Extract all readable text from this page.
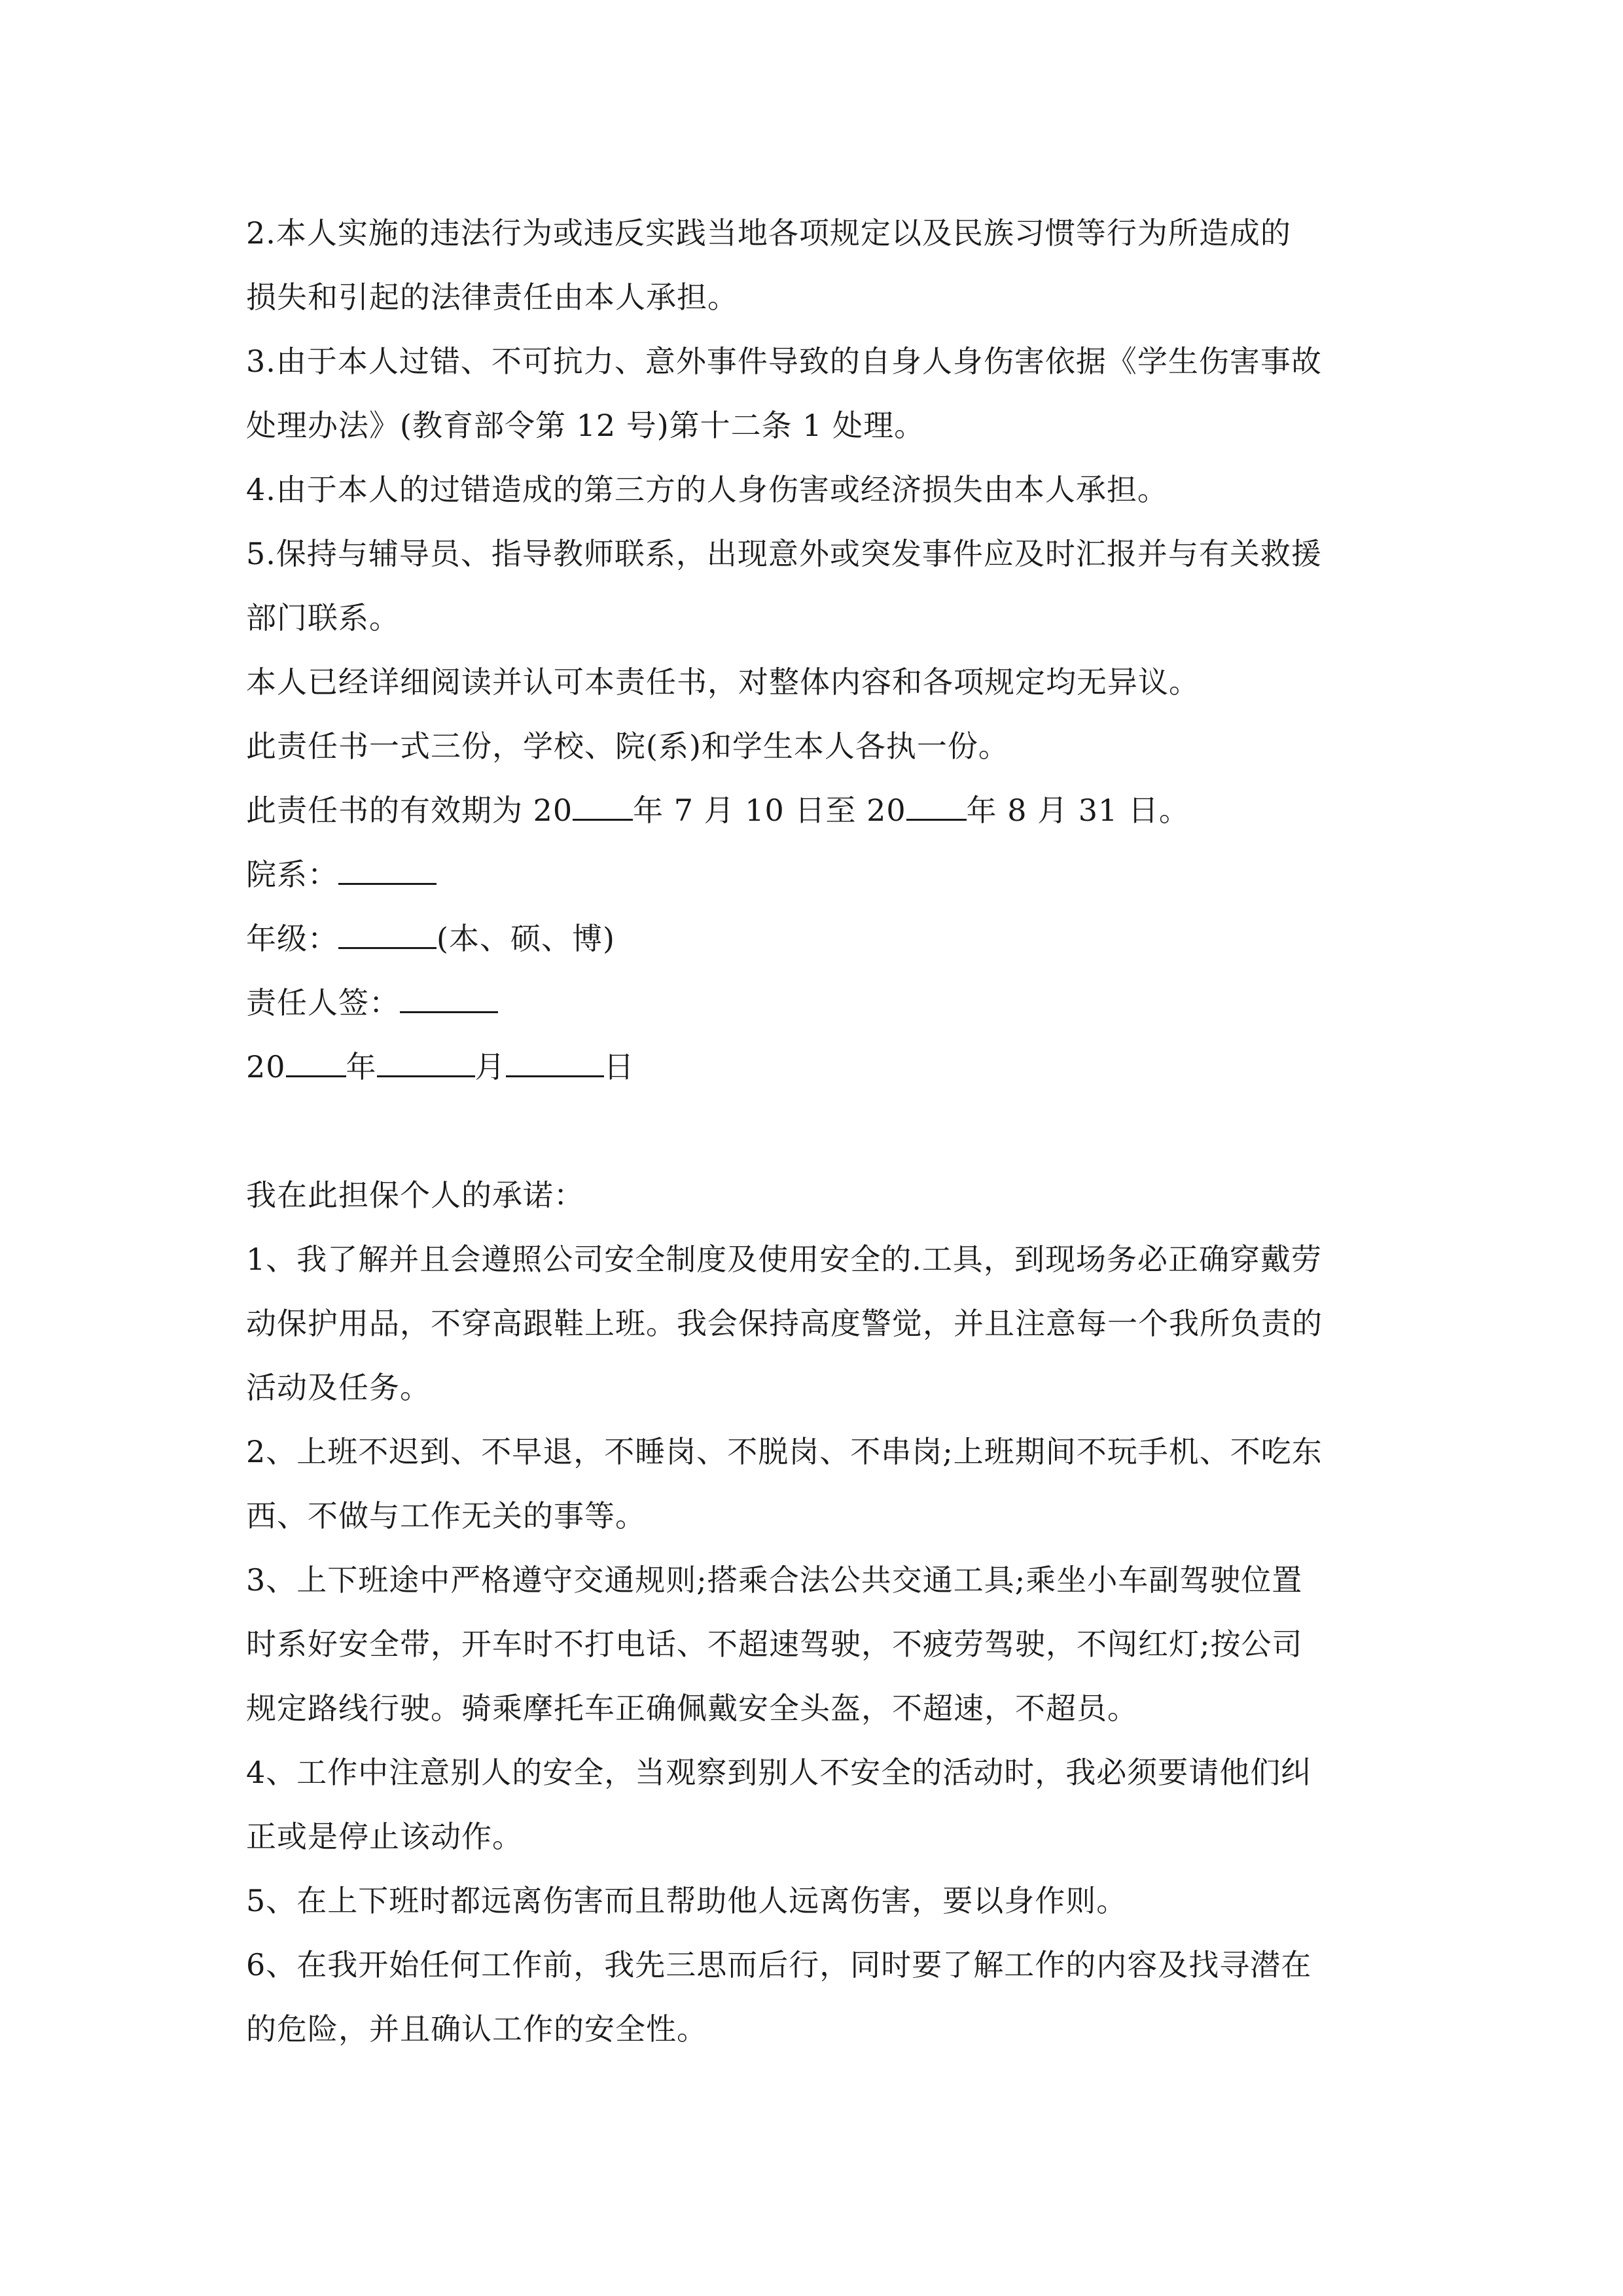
2.本人实施的违法行为或违反实践当地各项规定以及民族习惯等行为所造成的
损失和引起的法律责任由本人承担。
3.由于本人过错、不可抗力、意外事件导致的自身人身伤害依据《学生伤害事故
处理办法》(教育部令第 12 号)第十二条 1 处理。
4.由于本人的过错造成的第三方的人身伤害或经济损失由本人承担。
5.保持与辅导员、指导教师联系，出现意外或突发事件应及时汇报并与有关救援
部门联系。
本人已经详细阅读并认可本责任书，对整体内容和各项规定均无异议。
此责任书一式三份，学校、院(系)和学生本人各执一份。
此责任书的有效期为 20 年 7 月 10 日至 20 年 8 月 31 日。
院系：
年级：	(本、硕、博)
责任人签：
20 年	月	日
我在此担保个人的承诺：
1、我了解并且会遵照公司安全制度及使用安全的.工具，到现场务必正确穿戴劳
动保护用品，不穿高跟鞋上班。我会保持高度警觉，并且注意每一个我所负责的
活动及任务。
2、上班不迟到、不早退，不睡岗、不脱岗、不串岗;上班期间不玩手机、不吃东
西、不做与工作无关的事等。
3、上下班途中严格遵守交通规则;搭乘合法公共交通工具;乘坐小车副驾驶位置
时系好安全带，开车时不打电话、不超速驾驶，不疲劳驾驶，不闯红灯;按公司
规定路线行驶。骑乘摩托车正确佩戴安全头盔，不超速，不超员。
4、工作中注意别人的安全，当观察到别人不安全的活动时，我必须要请他们纠
正或是停止该动作。
5、在上下班时都远离伤害而且帮助他人远离伤害，要以身作则。
6、在我开始任何工作前，我先三思而后行，同时要了解工作的内容及找寻潜在
的危险，并且确认工作的安全性。
